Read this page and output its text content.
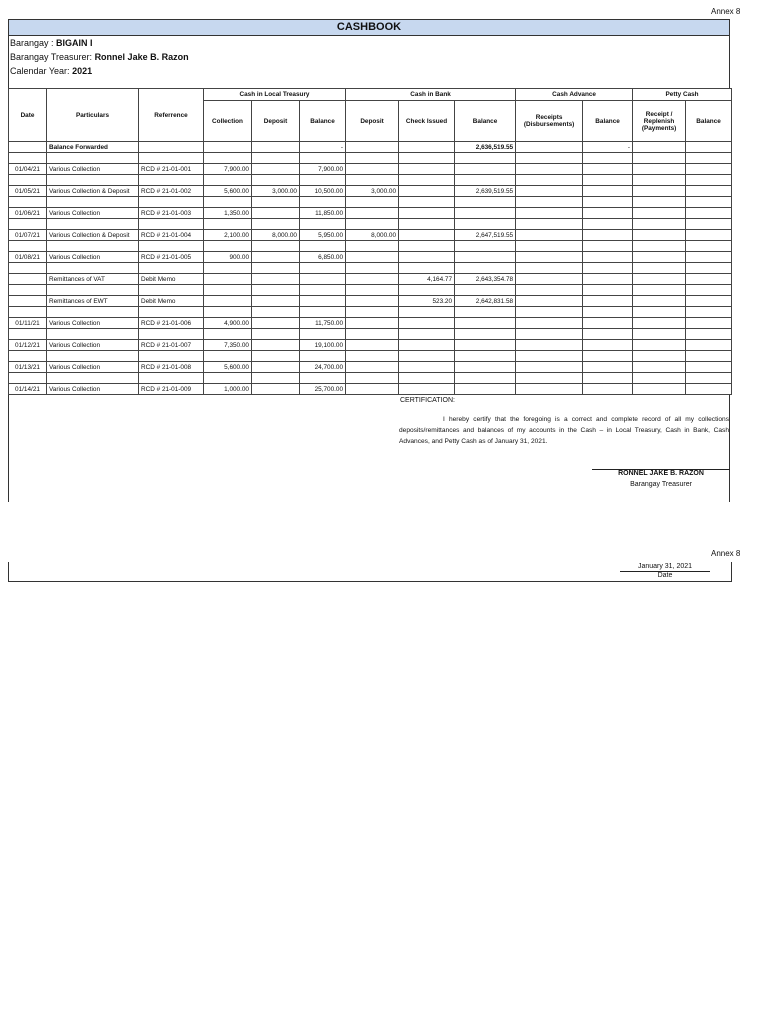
Annex 8
CASHBOOK
Barangay : BIGAIN I
Barangay Treasurer: Ronnel Jake B. Razon
Calendar Year: 2021
Date	Particulars	Referrence	Cash in Local Treasury			Cash in Bank			Cash Advance		Petty Cash	
			Collection	Deposit	Balance	Deposit	Check Issued	Balance	Receipts (Disbursements)	Balance	Receipt / Replenish (Payments)	Balance
	Balance Forwarded				-			2,636,519.55		-		

01/04/21	Various Collection	RCD # 21-01-001	7,900.00		7,900.00							

01/05/21	Various Collection & Deposit	RCD # 21-01-002	5,600.00	3,000.00	10,500.00	3,000.00		2,639,519.55				

01/06/21	Various Collection	RCD # 21-01-003	1,350.00		11,850.00							

01/07/21	Various Collection & Deposit	RCD # 21-01-004	2,100.00	8,000.00	5,950.00	8,000.00		2,647,519.55				

01/08/21	Various Collection	RCD # 21-01-005	900.00		6,850.00							

	Remittances of VAT	Debit Memo					4,164.77	2,643,354.78				

	Remittances of EWT	Debit Memo					523.20	2,642,831.58				

01/11/21	Various Collection	RCD # 21-01-006	4,900.00		11,750.00							

01/12/21	Various Collection	RCD # 21-01-007	7,350.00		19,100.00							

01/13/21	Various Collection	RCD # 21-01-008	5,600.00		24,700.00							

01/14/21	Various Collection	RCD # 21-01-009	1,000.00		25,700.00							
CERTIFICATION:
I hereby certify that the foregoing is a correct and complete record of all my collections deposits/remittances and balances of my accounts in the Cash – in Local Treasury, Cash in Bank, Cash Advances, and Petty Cash as of January 31, 2021.
RONNEL JAKE B. RAZON
Barangay Treasurer
Annex 8
January 31, 2021
Date
